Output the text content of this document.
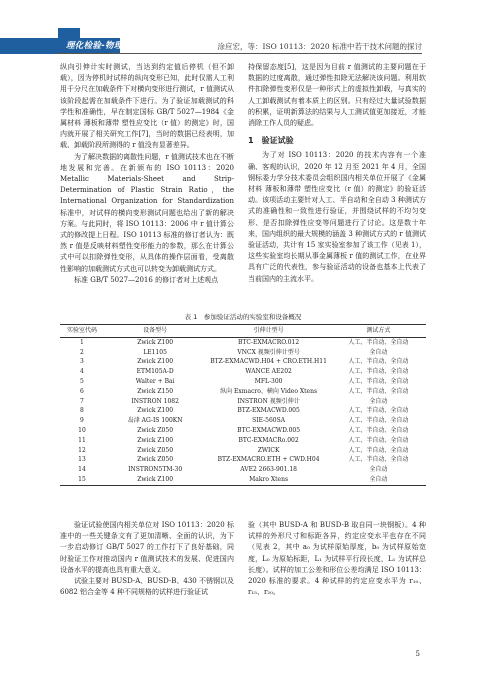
理化检验-物理分册	涂应宏，等：ISO 10113：2020 标准中若干技术问题的探讨

纵向引伸计实时测试，当达到约定值后停机（但不卸载），因为停机时试样的纵向变形已知，此时仅需人工利用千分尺在加载条件下对横向变形进行测试，r 值测试从该阶段起需在加载条件下进行。为了验证加载测试的科学性和准确性，早在制定国标 GB/T 5027—1984《金属材料 薄板和薄带 塑性应变比（r 值）的测定》时，国内就开展了相关研究工作[7]，当时的数据已经表明，加载、卸载阶段所测得的 r 值没有显著差异。

为了解决数据的离散性问题，r 值测试技术也在不断地发展和完善。在新颁布的 ISO 10113：2020 Metallic Materials-Sheet and Strip-Determination of Plastic Strain Ratio，the International Organization for Standardization 标准中，对试样的横向变形测试问题也给出了新的解决方案。与此同时，将 ISO 10113：2006 中 r 值计算公式的修改提上日程。ISO 10113 标准的修订者认为：既然 r 值是反映材料塑性变形能力的参数，那么在计算公式中可以扣除弹性变形，从具体的操作层面看，受离散性影响的加载测试方式也可以转变为卸载测试方式。

标准 GB/T 5027—2016 的修订者对上述观点

持保留态度[5]，这是因为目前 r 值测试的主要问题在于数据的过度离散，通过弹性扣除无法解决该问题。利用软件扣除弹性变形仅是一种形式上的虚拟性卸载，与真实的人工卸载测试有着本质上的区别。只有经过大量试验数据的积累，证明新算法的结果与人工测试值更加接近，才能消除工作人员的疑虑。

1　验证试验

为了对 ISO 10113：2020 的技术内容有一个准确、客观的认识，2020 年 12 月至 2021 年 4 月，全国钢标委力学分技术委员会组织国内相关单位开展了《金属材料 薄板和薄带 塑性应变比（r 值）的测定》的验证活动。该项活动主要针对人工、半自动和全自动 3 种测试方式的准确性和一致性进行验证，并围绕试样的不均匀变形、是否扣除弹性应变等问题进行了讨论。这是数十年来，国内组织的最大规模的涵盖 3 种测试方式的 r 值测试验证活动，共计有 15 家实验室参加了该工作（见表 1），这些实验室均长期从事金属薄板 r 值的测试工作，在业界具有广泛的代表性，参与验证活动的设备也基本上代表了当前国内的主流水平。

表 1　参加验证活动的实验室和设备概况
实验室代码	设备型号	引伸计型号	测试方式
1	Zwick Z100	BTC-EXMACRO.012	人工、半自动、全自动
2	LE1105	VNCX 视频引伸计型号	全自动
3	Zwick Z100	BTZ-EXMACWD.H04 + CRO.ETH.H11	人工、半自动、全自动
4	ETM105A-D	WANCE AE202	人工、半自动、全自动
5	Walter + Bai	MFL-300	人工、半自动、全自动
6	Zwick Z150	纵向 Exmacro、横向 Video Xtens	人工、半自动、全自动
7	INSTRON 1082	INSTRON 视频引伸计	全自动
8	Zwick Z100	BTZ-EXMACWD.005	人工、半自动、全自动
9	岛津 AG-IS 100KN	SIE-560SA	人工、半自动、全自动
10	Zwick Z050	BTC-EXMACWD.005	人工、半自动、全自动
11	Zwick Z100	BTC-EXMACRo.002	人工、半自动、全自动
12	Zwick Z050	ZWICK	人工、半自动、全自动
13	Zwick Z050	BTZ-EXMACRO.ETH + CWD.H04	人工、半自动、全自动
14	INSTRON5TM-30	AVE2 2663-901.18	全自动
15	Zwick Z100	Makro Xtens	全自动

验证试验使国内相关单位对 ISO 10113：2020 标准中的一些关键条文有了更加清晰、全面的认识，为下一步启动修订 GB/T 5027 的工作打下了良好基础，同时验证工作对推动国内 r 值测试技术的发展、促进国内设备水平的提高也具有重大意义。

试验主要对 BUSD-A、BUSD-B、430 不锈钢以及 6082 铝合金等 4 种不同规格的试样进行验证试

验（其中 BUSD-A 和 BUSD-B 取自同一块钢板）。4 种试样的外形尺寸和标距各异，约定应变水平也存在不同（见表 2，其中 a₀ 为试样原始厚度，b₀ 为试样原始宽度，L₀ 为原始标距，L₁ 为试样平行段长度，L₁ 为试样总长度）。试样的加工公差和形位公差均满足 ISO 10113：2020 标准的要求。4 种试样的约定应变水平为 r₁₀、r₁₅、r₂₀。

5
